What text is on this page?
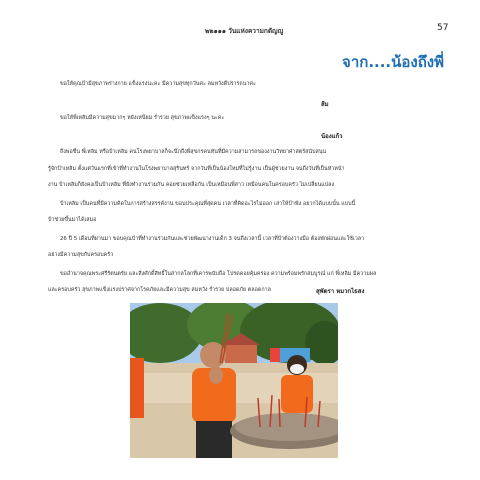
๒๒๑๑๑ วันแห่งความกตัญญู	57
จาก....น้องถึงพี่
ขอให้คุณป้ามีสุขภาพร่างกาย แข็งแรงนะคะ มีความสุขทุกวันค่ะ ลมหวังดีปรารถนาค่ะ
ส้ม
ขอให้พี่เหลิมมีความสุขมากๆ หยังเหนียม ร่ำรวย สุขภาพแข็งแรงๆ นะคะ
น้องแก้ว
ถึงพ่อชื่น พี่เหลิม หรือป้าเหลิม คนโรงพยาบาลก็จะนึกถึงพี่สุขกรคนทันที่มีความสามารถของงานวิทยาศาสตร์สนับสนุน
รู้จักป้าเหลิม ตั้งแต่วันแรกที่เข้าที่ทำงานในโรงพยาบาลสุรินทร์ จากวันที่เป็นน้องใหม่ที่ไม่รู้งาน เป็นผู้ช่วยงาน จนถึงวันที่เป็นหัวหน้า
งาน ป้าเหลิมก็ยังคงเป็นป้าเหลิม ที่ยังทำงานร่วมกัน คอยช่วยเหลือกัน เป็นเหมือนพี่สาว เหมือนคนในครอบครัว ไม่เปลี่ยนแปลง
ป้าเหลิม เป็นคนที่มีความคิดในการสร้างสรรค์งาน ขอบประคุณที่สุดคน เวลาที่คิดอะไรไม่ออก เล่าให้ป้าฟัง อยากได้แบบนั้น แบบนี้
ป้าช่วยขึ้นมาได้เสมอ
26 ปี 5 เดือนที่ผ่านมา ขอบคุณป้าที่ทำงานร่วมกันและช่วยพัฒนางานเด็ก 3 จนถึงเวลานี้ เวลาที่ป้าต้องวางมือ ต้องพักผ่อนและใช้เวลา
อย่างมีความสุขกับครอบครัว
ขออำนาจคุณพระศรีรัตนตรัย และสิ่งศักดิ์สิทธิ์ในสากลโลกที่เคารพนับถือ โปรดคอยคุ้มครอง ความพร้อมพรักสมบูรณ์ แก่ พี่เหลิม มีความผล
และครอบครัว สุขภาพแข็งแรงปราศจากโรคภัยและมีความสุข สมหวัง ร่ำรวย ปลอดภัย ตลอดกาล	สุพัตรา หมวกไธสง
